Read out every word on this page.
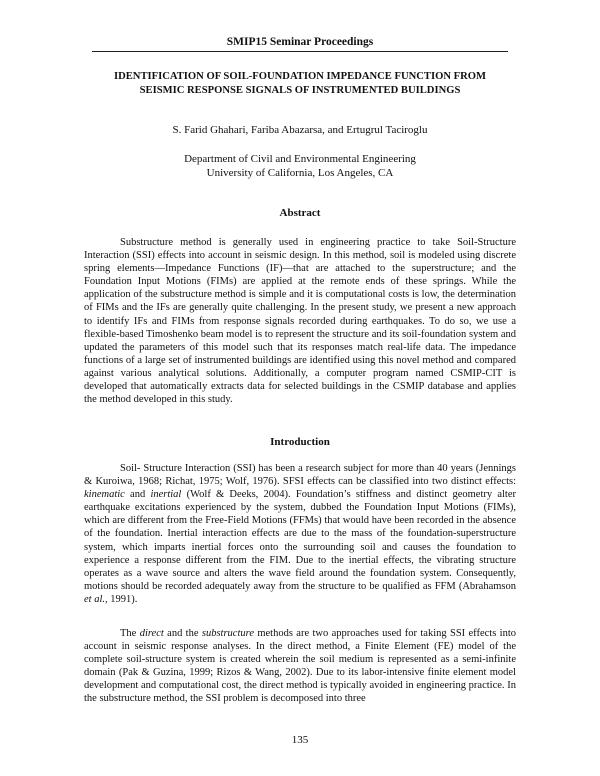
SMIP15 Seminar Proceedings
IDENTIFICATION OF SOIL-FOUNDATION IMPEDANCE FUNCTION FROM
SEISMIC RESPONSE SIGNALS OF INSTRUMENTED BUILDINGS
S. Farid Ghahari, Fariba Abazarsa, and Ertugrul Taciroglu
Department of Civil and Environmental Engineering
University of California, Los Angeles, CA
Abstract

Substructure method is generally used in engineering practice to take Soil-Structure Interaction (SSI) effects into account in seismic design. In this method, soil is modeled using discrete spring elements—Impedance Functions (IF)—that are attached to the superstructure; and the Foundation Input Motions (FIMs) are applied at the remote ends of these springs. While the application of the substructure method is simple and it is computational costs is low, the determination of FIMs and the IFs are generally quite challenging. In the present study, we present a new approach to identify IFs and FIMs from response signals recorded during earthquakes. To do so, we use a flexible-based Timoshenko beam model is to represent the structure and its soil-foundation system and updated the parameters of this model such that its responses match real-life data. The impedance functions of a large set of instrumented buildings are identified using this novel method and compared against various analytical solutions. Additionally, a computer program named CSMIP-CIT is developed that automatically extracts data for selected buildings in the CSMIP database and applies the method developed in this study.

Introduction

Soil- Structure Interaction (SSI) has been a research subject for more than 40 years (Jennings & Kuroiwa, 1968; Richat, 1975; Wolf, 1976). SFSI effects can be classified into two distinct effects: kinematic and inertial (Wolf & Deeks, 2004). Foundation’s stiffness and distinct geometry alter earthquake excitations experienced by the system, dubbed the Foundation Input Motions (FIMs), which are different from the Free-Field Motions (FFMs) that would have been recorded in the absence of the foundation. Inertial interaction effects are due to the mass of the foundation-superstructure system, which imparts inertial forces onto the surrounding soil and causes the foundation to experience a response different from the FIM. Due to the inertial effects, the vibrating structure operates as a wave source and alters the wave field around the foundation system. Consequently, motions should be recorded adequately away from the structure to be qualified as FFM (Abrahamson et al., 1991).

The direct and the substructure methods are two approaches used for taking SSI effects into account in seismic response analyses. In the direct method, a Finite Element (FE) model of the complete soil-structure system is created wherein the soil medium is represented as a semi-infinite domain (Pak & Guzina, 1999; Rizos & Wang, 2002). Due to its labor-intensive finite element model development and computational cost, the direct method is typically avoided in engineering practice. In the substructure method, the SSI problem is decomposed into three

135
